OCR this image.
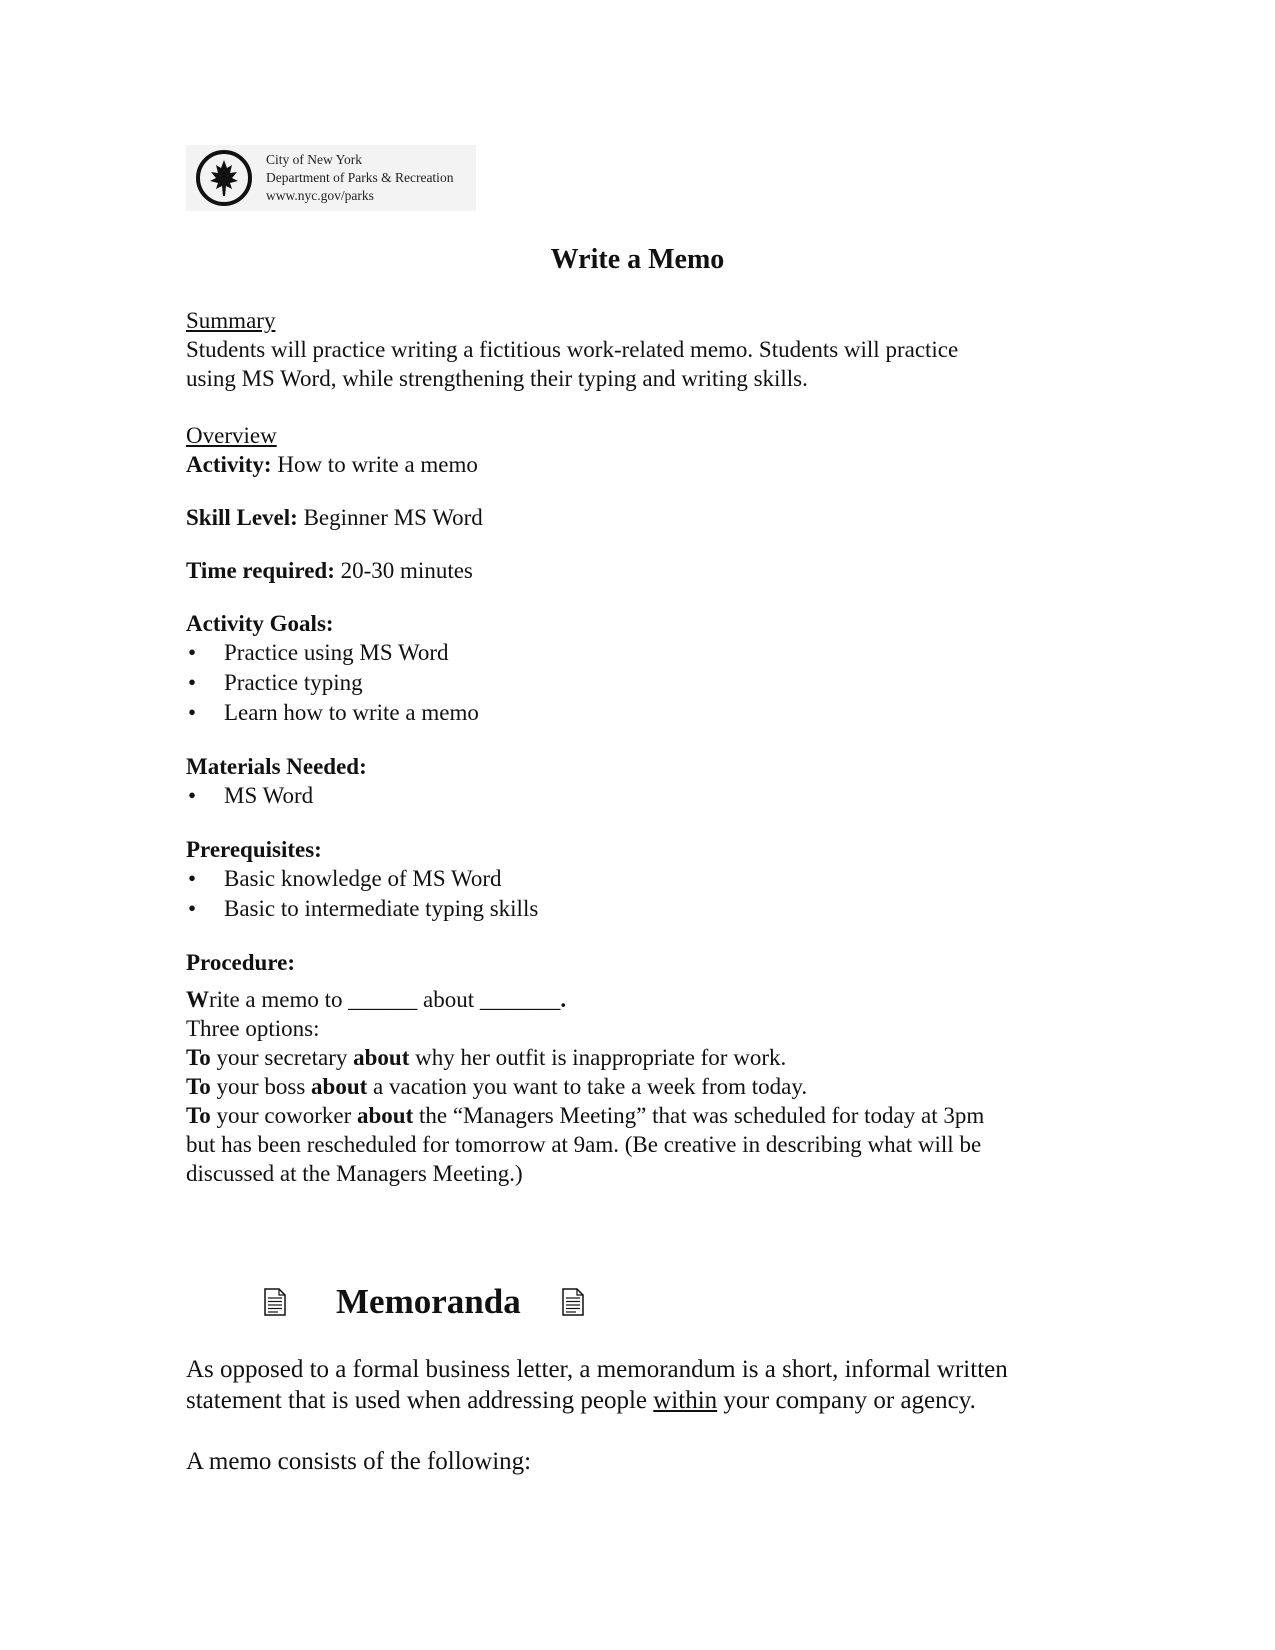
City of New York
Department of Parks & Recreation
www.nyc.gov/parks
Write a Memo

Summary

Students will practice writing a fictitious work-related memo. Students will practice

using MS Word, while strengthening their typing and writing skills.

Overview

Activity: How to write a memo

Skill Level: Beginner MS Word

Time required: 20-30 minutes

Activity Goals:

• Practice using MS Word
• Practice typing
• Learn how to write a memo

Materials Needed:

• MS Word

Prerequisites:

• Basic knowledge of MS Word
• Basic to intermediate typing skills

Procedure:

Write a memo to ______ about _______.

Three options:

To your secretary about why her outfit is inappropriate for work.

To your boss about a vacation you want to take a week from today.

To your coworker about the “Managers Meeting” that was scheduled for today at 3pm

but has been rescheduled for tomorrow at 9am. (Be creative in describing what will be

discussed at the Managers Meeting.)

Memoranda

As opposed to a formal business letter, a memorandum is a short, informal written

statement that is used when addressing people within your company or agency.

A memo consists of the following:
